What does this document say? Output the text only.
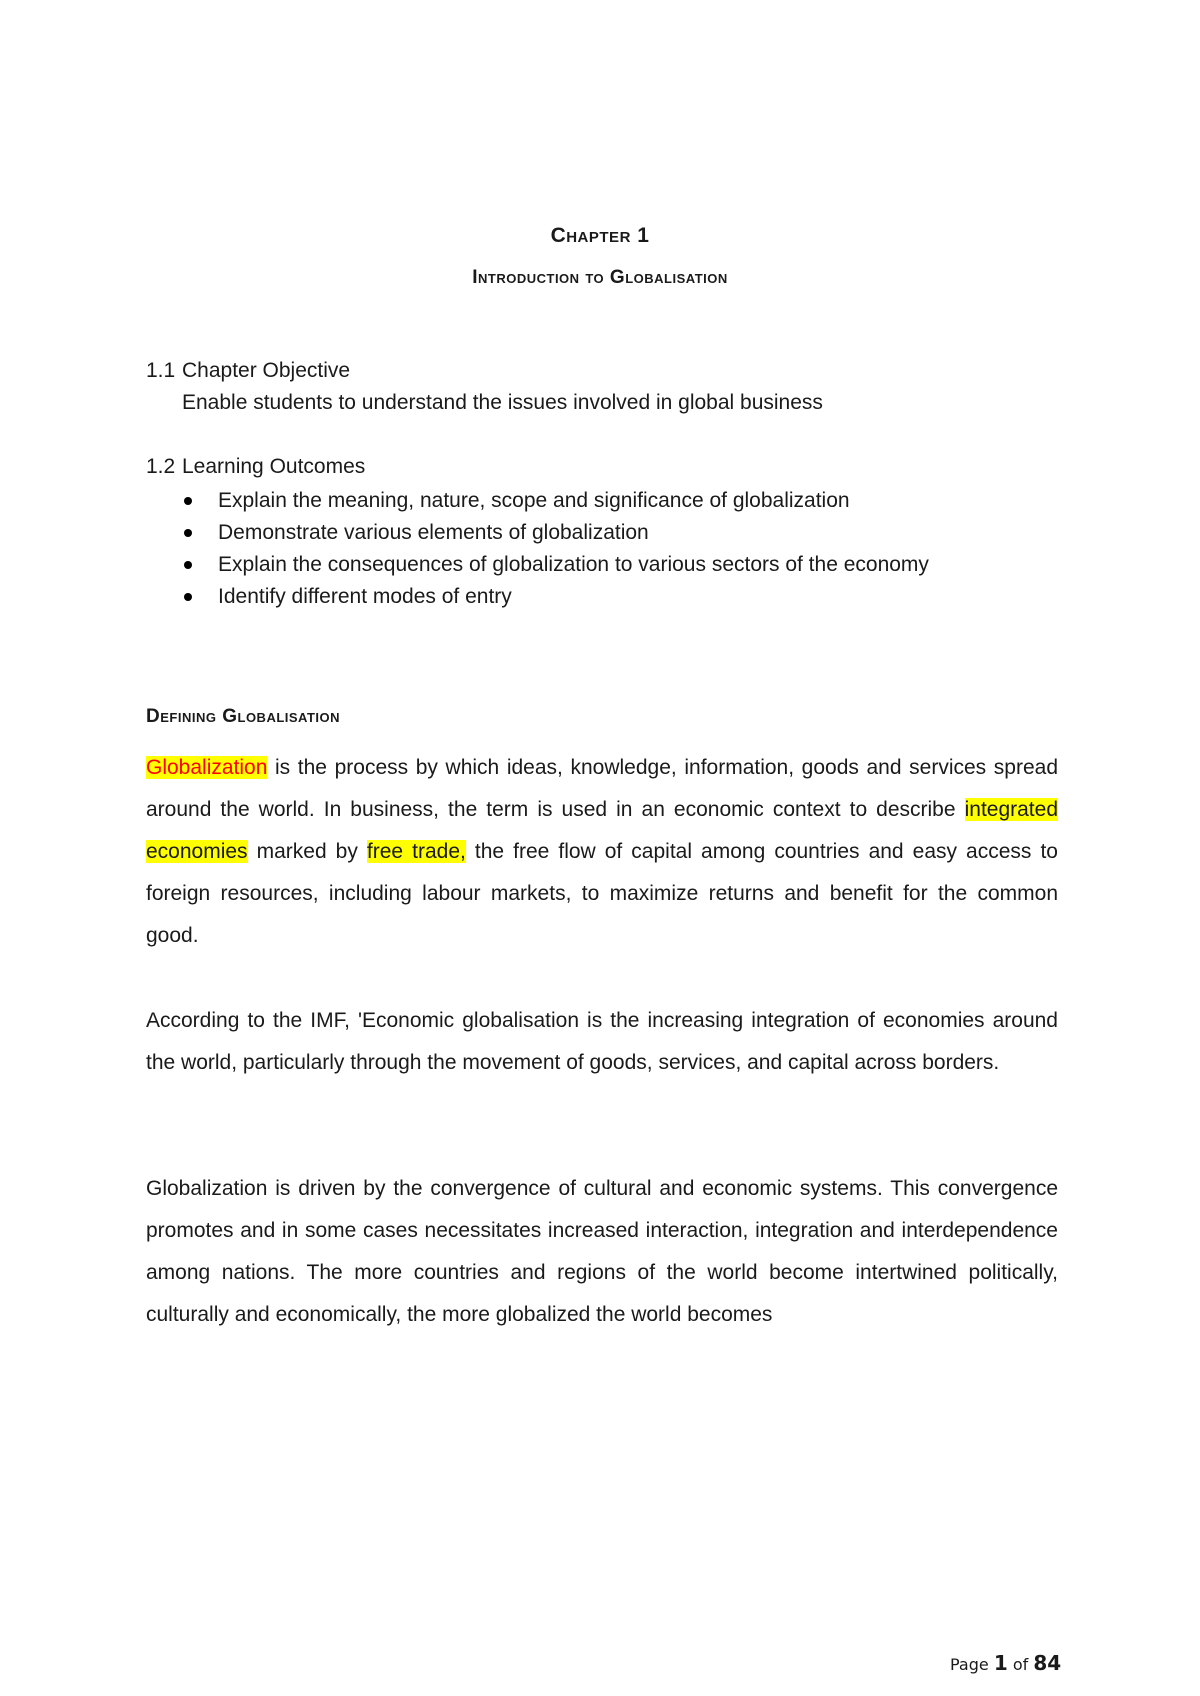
Chapter 1
Introduction to Globalisation
1.1 Chapter Objective
Enable students to understand the issues involved in global business
1.2 Learning Outcomes
Explain the meaning, nature, scope and significance of globalization
Demonstrate various elements of globalization
Explain the consequences of globalization to various sectors of the economy
Identify different modes of entry
Defining Globalisation

Globalization is the process by which ideas, knowledge, information, goods and services spread around the world. In business, the term is used in an economic context to describe integrated economies marked by free trade, the free flow of capital among countries and easy access to foreign resources, including labour markets, to maximize returns and benefit for the common good.

According to the IMF, 'Economic globalisation is the increasing integration of economies around the world, particularly through the movement of goods, services, and capital across borders.

Globalization is driven by the convergence of cultural and economic systems. This convergence promotes and in some cases necessitates increased interaction, integration and interdependence among nations. The more countries and regions of the world become intertwined politically, culturally and economically, the more globalized the world becomes

Page 1 of 84
